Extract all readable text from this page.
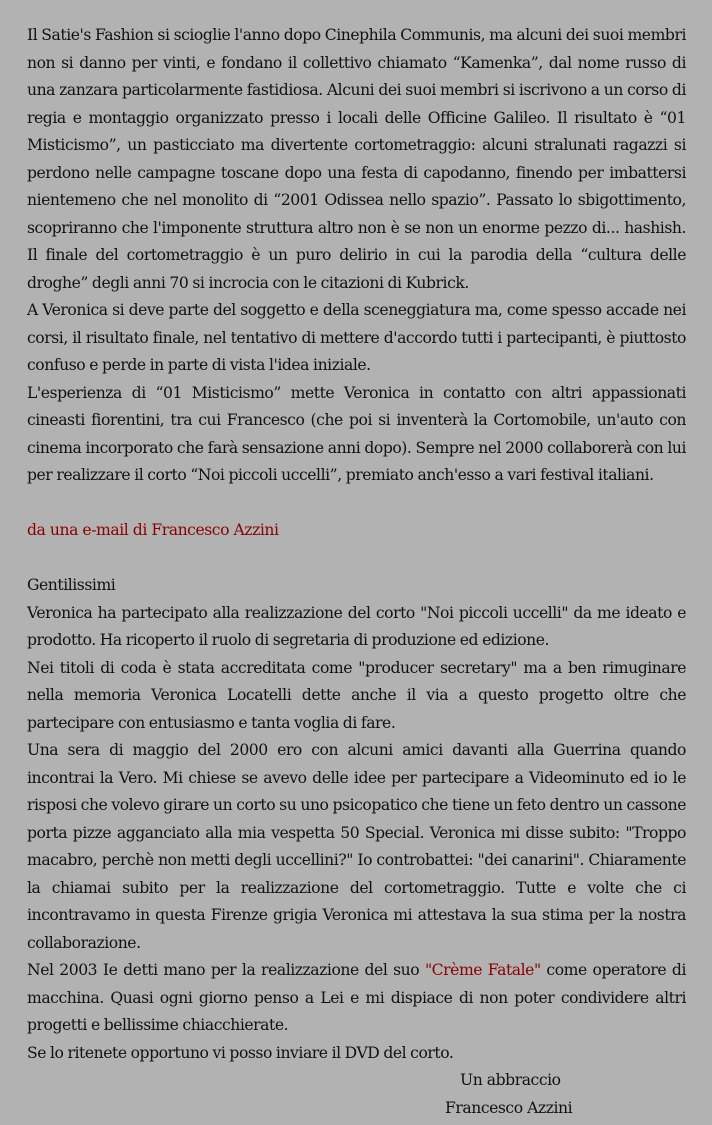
Il Satie's Fashion si scioglie l'anno dopo Cinephila Communis, ma alcuni dei suoi membri non si danno per vinti, e fondano il collettivo chiamato “Kamenka”, dal nome russo di una zanzara particolarmente fastidiosa. Alcuni dei suoi membri si iscrivono a un corso di regia e montaggio organizzato presso i locali delle Officine Galileo. Il risultato è “01 Misticismo”, un pasticciato ma divertente cortometraggio: alcuni stralunati ragazzi si perdono nelle campagne toscane dopo una festa di capodanno, finendo per imbattersi nientemeno che nel monolito di “2001 Odissea nello spazio”. Passato lo sbigottimento, scopriranno che l'imponente struttura altro non è se non un enorme pezzo di... hashish. Il finale del cortometraggio è un puro delirio in cui la parodia della “cultura delle droghe” degli anni 70 si incrocia con le citazioni di Kubrick.

A Veronica si deve parte del soggetto e della sceneggiatura ma, come spesso accade nei corsi, il risultato finale, nel tentativo di mettere d'accordo tutti i partecipanti, è piuttosto confuso e perde in parte di vista l'idea iniziale.

L'esperienza di “01 Misticismo” mette Veronica in contatto con altri appassionati cineasti fiorentini, tra cui Francesco (che poi si inventerà la Cortomobile, un'auto con cinema incorporato che farà sensazione anni dopo). Sempre nel 2000 collaborerà con lui per realizzare il corto “Noi piccoli uccelli”, premiato anch'esso a vari festival italiani.

da una e-mail di Francesco Azzini

Gentilissimi

Veronica ha partecipato alla realizzazione del corto "Noi piccoli uccelli" da me ideato e prodotto. Ha ricoperto il ruolo di segretaria di produzione ed edizione.

Nei titoli di coda è stata accreditata come "producer secretary" ma a ben rimuginare nella memoria Veronica Locatelli dette anche il via a questo progetto oltre che partecipare con entusiasmo e tanta voglia di fare.

Una sera di maggio del 2000 ero con alcuni amici davanti alla Guerrina quando incontrai la Vero. Mi chiese se avevo delle idee per partecipare a Videominuto ed io le risposi che volevo girare un corto su uno psicopatico che tiene un feto dentro un cassone porta pizze agganciato alla mia vespetta 50 Special. Veronica mi disse subito: "Troppo macabro, perchè non metti degli uccellini?" Io controbattei: "dei canarini". Chiaramente la chiamai subito per la realizzazione del cortometraggio. Tutte e volte che ci incontravamo in questa Firenze grigia Veronica mi attestava la sua stima per la nostra collaborazione.

Nel 2003 Ie detti mano per la realizzazione del suo "Crème Fatale" come operatore di macchina. Quasi ogni giorno penso a Lei e mi dispiace di non poter condividere altri progetti e bellissime chiacchierate.

Se lo ritenete opportuno vi posso inviare il DVD del corto.

Un abbraccio

Francesco Azzini
